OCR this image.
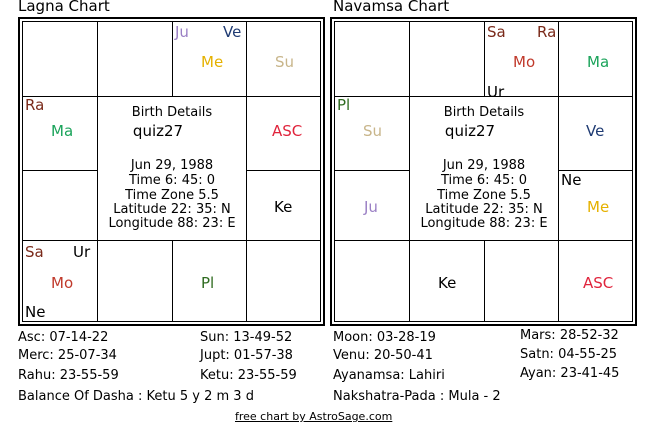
Lagna Chart
Ju Ve
Me	Su
Ra
Ma	ASC
Ke
Sa Ur
Mo
Ne
Pl
Birth Details
quiz27
Jun 29, 1988
Time 6: 45: 0
Time Zone 5.5
Latitude 22: 35: N
Longitude 88: 23: E
Navamsa Chart
Sa Ra
Mo
Ur
Ma
Pl
Su	Ve
Ju
Ne
Me
Ke	ASC
Birth Details
quiz27
Jun 29, 1988
Time 6: 45: 0
Time Zone 5.5
Latitude 22: 35: N
Longitude 88: 23: E
Asc: 07-14-22	Sun: 13-49-52
Merc: 25-07-34	Jupt: 01-57-38
Rahu: 23-55-59	Ketu: 23-55-59
Balance Of Dasha : Ketu 5 y 2 m 3 d
Moon: 03-28-19	Mars: 28-52-32
Venu: 20-50-41	Satn: 04-55-25
Ayanamsa: Lahiri	Ayan: 23-41-45
Nakshatra-Pada : Mula - 2
free chart by AstroSage.com
